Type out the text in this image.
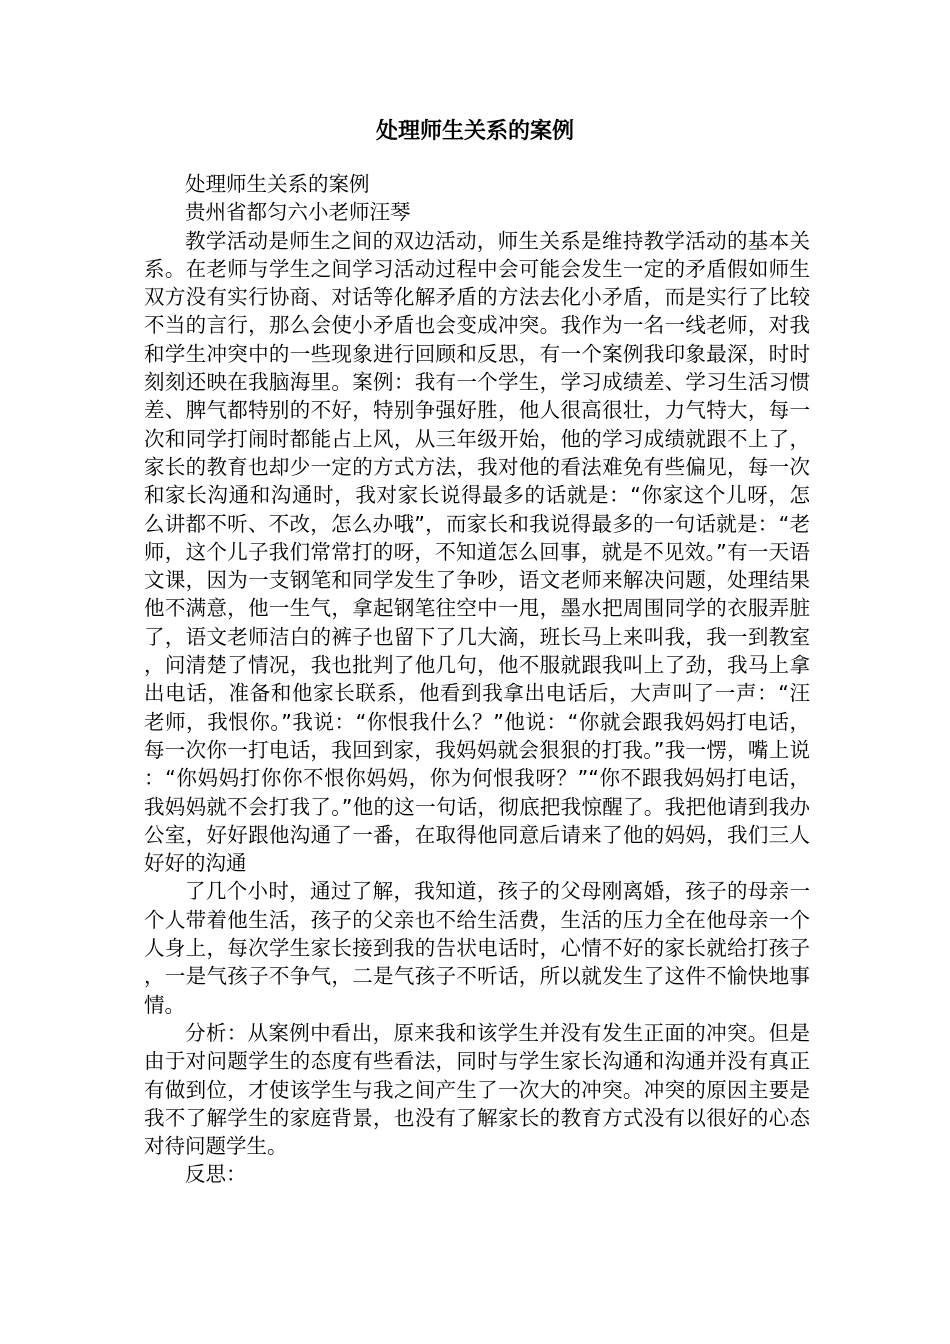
处理师生关系的案例

处理师生关系的案例

贵州省都匀六小老师汪琴

教学活动是师生之间的双边活动，师生关系是维持教学活动的基本关系。在老师与学生之间学习活动过程中会可能会发生一定的矛盾假如师生双方没有实行协商、对话等化解矛盾的方法去化小矛盾，而是实行了比较不当的言行，那么会使小矛盾也会变成冲突。我作为一名一线老师，对我和学生冲突中的一些现象进行回顾和反思，有一个案例我印象最深，时时刻刻还映在我脑海里。案例：我有一个学生，学习成绩差、学习生活习惯差、脾气都特别的不好，特别争强好胜，他人很高很壮，力气特大，每一次和同学打闹时都能占上风，从三年级开始，他的学习成绩就跟不上了，家长的教育也却少一定的方式方法，我对他的看法难免有些偏见，每一次和家长沟通和沟通时，我对家长说得最多的话就是：“你家这个儿呀，怎么讲都不听、不改，怎么办哦”，而家长和我说得最多的一句话就是：“老师，这个儿子我们常常打的呀，不知道怎么回事，就是不见效。”有一天语文课，因为一支钢笔和同学发生了争吵，语文老师来解决问题，处理结果他不满意，他一生气，拿起钢笔往空中一甩，墨水把周围同学的衣服弄脏了，语文老师洁白的裤子也留下了几大滴，班长马上来叫我，我一到教室，问清楚了情况，我也批判了他几句，他不服就跟我叫上了劲，我马上拿出电话，准备和他家长联系，他看到我拿出电话后，大声叫了一声：“汪老师，我恨你。”我说：“你恨我什么？”他说：“你就会跟我妈妈打电话，每一次你一打电话，我回到家，我妈妈就会狠狠的打我。”我一愣，嘴上说：“你妈妈打你你不恨你妈妈，你为何恨我呀？”“你不跟我妈妈打电话，我妈妈就不会打我了。”他的这一句话，彻底把我惊醒了。我把他请到我办公室，好好跟他沟通了一番，在取得他同意后请来了他的妈妈，我们三人好好的沟通

了几个小时，通过了解，我知道，孩子的父母刚离婚，孩子的母亲一个人带着他生活，孩子的父亲也不给生活费，生活的压力全在他母亲一个人身上，每次学生家长接到我的告状电话时，心情不好的家长就给打孩子，一是气孩子不争气，二是气孩子不听话，所以就发生了这件不愉快地事情。

分析：从案例中看出，原来我和该学生并没有发生正面的冲突。但是由于对问题学生的态度有些看法，同时与学生家长沟通和沟通并没有真正有做到位，才使该学生与我之间产生了一次大的冲突。冲突的原因主要是我不了解学生的家庭背景，也没有了解家长的教育方式没有以很好的心态对待问题学生。

反思：
